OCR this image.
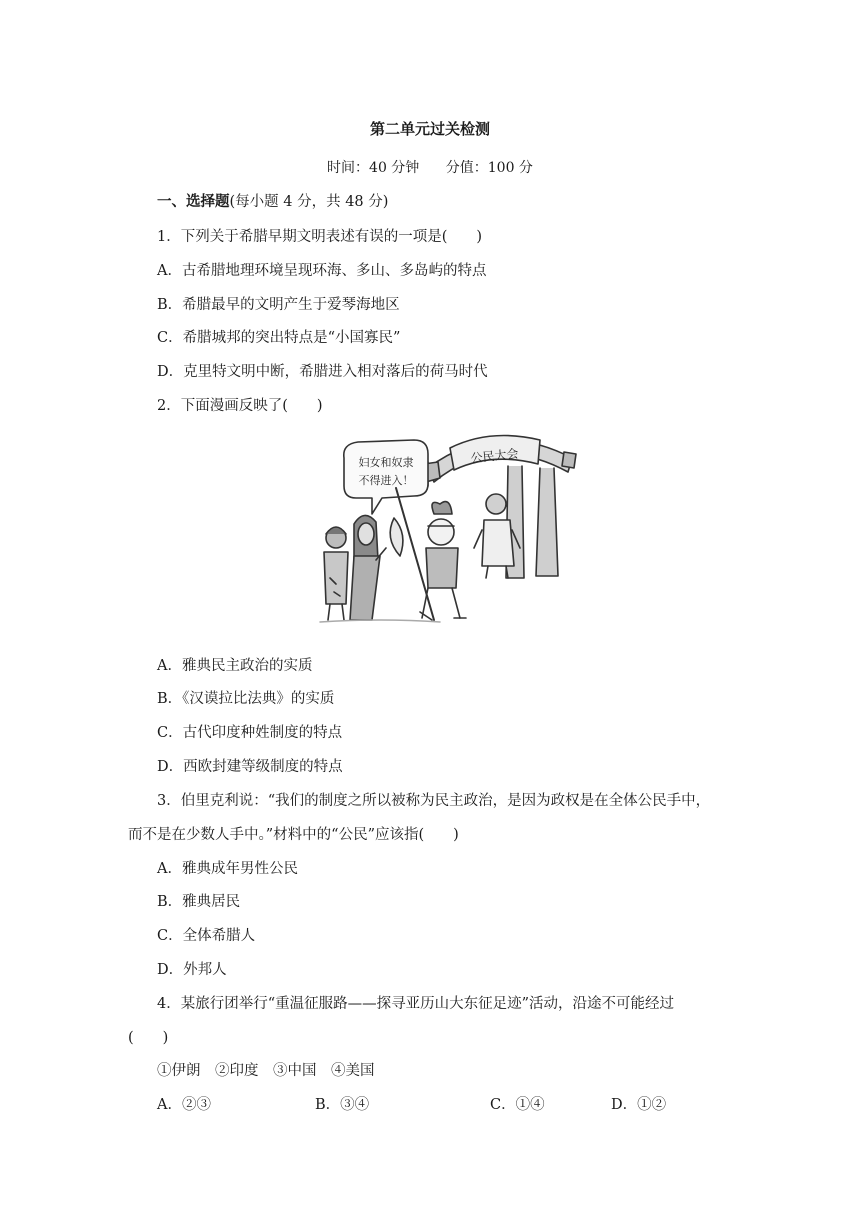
第二单元过关检测
时间：40 分钟 分值：100 分
一、选择题(每小题 4 分，共 48 分)
1．下列关于希腊早期文明表述有误的一项是(　　)
A．古希腊地理环境呈现环海、多山、多岛屿的特点
B．希腊最早的文明产生于爱琴海地区
C．希腊城邦的突出特点是“小国寡民”
D．克里特文明中断，希腊进入相对落后的荷马时代
2．下面漫画反映了(　　)
公民大会
妇女和奴隶
不得进入！
A．雅典民主政治的实质
B．《汉谟拉比法典》的实质
C．古代印度种姓制度的特点
D．西欧封建等级制度的特点
3．伯里克利说：“我们的制度之所以被称为民主政治，是因为政权是在全体公民手中，
而不是在少数人手中。”材料中的“公民”应该指(　　)
A．雅典成年男性公民
B．雅典居民
C．全体希腊人
D．外邦人
4．某旅行团举行“重温征服路——探寻亚历山大东征足迹”活动，沿途不可能经过
(　　)
①伊朗　②印度　③中国　④美国
A．②③	B．③④	C．①④	D．①②
